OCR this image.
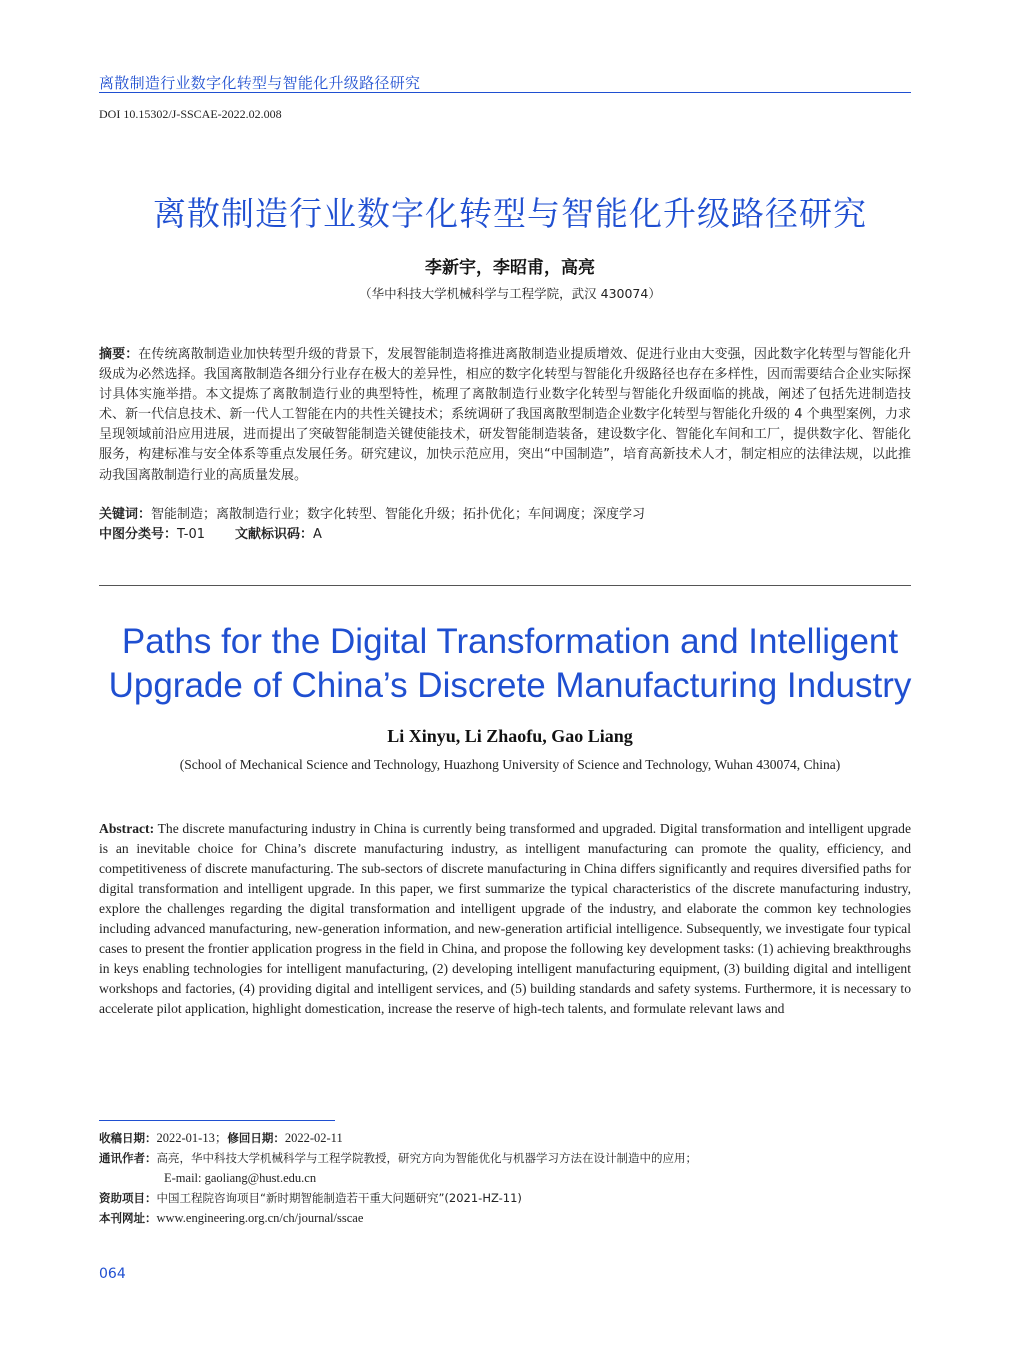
离散制造行业数字化转型与智能化升级路径研究
DOI 10.15302/J-SSCAE-2022.02.008
离散制造行业数字化转型与智能化升级路径研究
李新宇，李昭甫，高亮
（华中科技大学机械科学与工程学院，武汉 430074）
摘要：在传统离散制造业加快转型升级的背景下，发展智能制造将推进离散制造业提质增效、促进行业由大变强，因此数字化转型与智能化升级成为必然选择。我国离散制造各细分行业存在极大的差异性，相应的数字化转型与智能化升级路径也存在多样性，因而需要结合企业实际探讨具体实施举措。本文提炼了离散制造行业的典型特性，梳理了离散制造行业数字化转型与智能化升级面临的挑战，阐述了包括先进制造技术、新一代信息技术、新一代人工智能在内的共性关键技术；系统调研了我国离散型制造企业数字化转型与智能化升级的 4 个典型案例，力求呈现领域前沿应用进展，进而提出了突破智能制造关键使能技术，研发智能制造装备，建设数字化、智能化车间和工厂，提供数字化、智能化服务，构建标准与安全体系等重点发展任务。研究建议，加快示范应用，突出“中国制造”，培育高新技术人才，制定相应的法律法规，以此推动我国离散制造行业的高质量发展。
关键词：智能制造；离散制造行业；数字化转型、智能化升级；拓扑优化；车间调度；深度学习
中图分类号：T-01 文献标识码：A
Paths for the Digital Transformation and Intelligent
Upgrade of China’s Discrete Manufacturing Industry
Li Xinyu, Li Zhaofu, Gao Liang
(School of Mechanical Science and Technology, Huazhong University of Science and Technology, Wuhan 430074, China)
Abstract: The discrete manufacturing industry in China is currently being transformed and upgraded. Digital transformation and intelligent upgrade is an inevitable choice for China’s discrete manufacturing industry, as intelligent manufacturing can promote the quality, efficiency, and competitiveness of discrete manufacturing. The sub-sectors of discrete manufacturing in China differs significantly and requires diversified paths for digital transformation and intelligent upgrade. In this paper, we first summarize the typical characteristics of the discrete manufacturing industry, explore the challenges regarding the digital transformation and intelligent upgrade of the industry, and elaborate the common key technologies including advanced manufacturing, new-generation information, and new-generation artificial intelligence. Subsequently, we investigate four typical cases to present the frontier application progress in the field in China, and propose the following key development tasks: (1) achieving breakthroughs in keys enabling technologies for intelligent manufacturing, (2) developing intelligent manufacturing equipment, (3) building digital and intelligent workshops and factories, (4) providing digital and intelligent services, and (5) building standards and safety systems. Furthermore, it is necessary to accelerate pilot application, highlight domestication, increase the reserve of high-tech talents, and formulate relevant laws and
收稿日期：2022-01-13；修回日期：2022-02-11
通讯作者：高亮，华中科技大学机械科学与工程学院教授，研究方向为智能优化与机器学习方法在设计制造中的应用；
E-mail: gaoliang@hust.edu.cn
资助项目：中国工程院咨询项目“新时期智能制造若干重大问题研究”(2021-HZ-11)
本刊网址：www.engineering.org.cn/ch/journal/sscae
064
